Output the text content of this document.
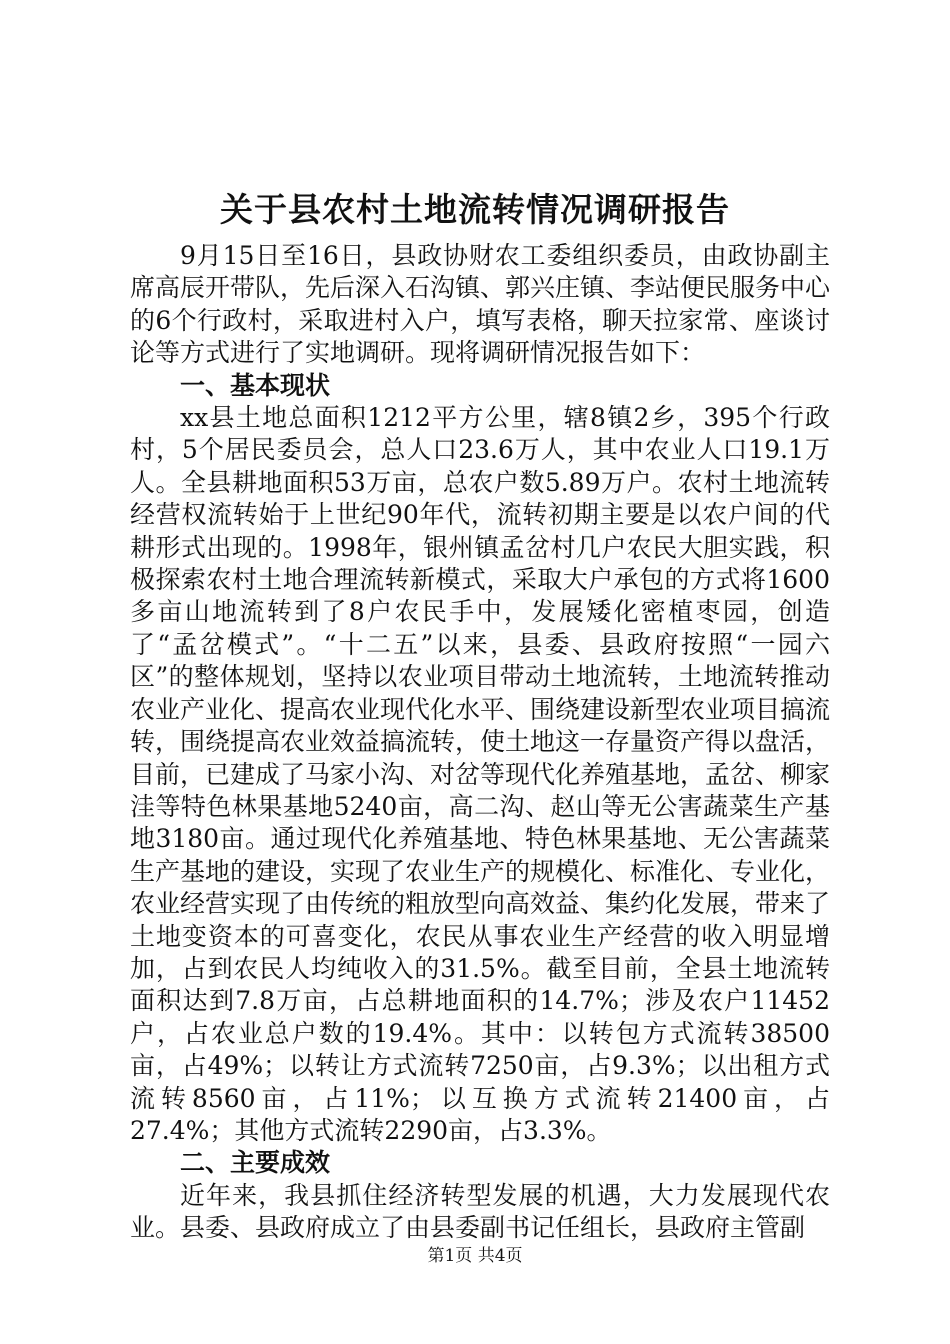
关于县农村土地流转情况调研报告

9月15日至16日，县政协财农工委组织委员，由政协副主席高辰开带队，先后深入石沟镇、郭兴庄镇、李站便民服务中心的6个行政村，采取进村入户，填写表格，聊天拉家常、座谈讨论等方式进行了实地调研。现将调研情况报告如下：

一、基本现状

xx县土地总面积1212平方公里，辖8镇2乡，395个行政村，5个居民委员会，总人口23.6万人，其中农业人口19.1万人。全县耕地面积53万亩，总农户数5.89万户。农村土地流转经营权流转始于上世纪90年代，流转初期主要是以农户间的代耕形式出现的。1998年，银州镇孟岔村几户农民大胆实践，积极探索农村土地合理流转新模式，采取大户承包的方式将1600多亩山地流转到了8户农民手中，发展矮化密植枣园，创造了“孟岔模式”。“十二五”以来，县委、县政府按照“一园六区”的整体规划，坚持以农业项目带动土地流转，土地流转推动农业产业化、提高农业现代化水平、围绕建设新型农业项目搞流转，围绕提高农业效益搞流转，使土地这一存量资产得以盘活，目前，已建成了马家小沟、对岔等现代化养殖基地，孟岔、柳家洼等特色林果基地5240亩，高二沟、赵山等无公害蔬菜生产基地3180亩。通过现代化养殖基地、特色林果基地、无公害蔬菜生产基地的建设，实现了农业生产的规模化、标准化、专业化，农业经营实现了由传统的粗放型向高效益、集约化发展，带来了土地变资本的可喜变化，农民从事农业生产经营的收入明显增加，占到农民人均纯收入的31.5%。截至目前，全县土地流转面积达到7.8万亩，占总耕地面积的14.7%；涉及农户11452户，占农业总户数的19.4%。其中：以转包方式流转38500亩，占49%；以转让方式流转7250亩，占9.3%；以出租方式流转8560亩，占11%；以互换方式流转21400亩，占27.4%；其他方式流转2290亩，占3.3%。

二、主要成效

近年来，我县抓住经济转型发展的机遇，大力发展现代农业。县委、县政府成立了由县委副书记任组长，县政府主管副

第1页 共4页
